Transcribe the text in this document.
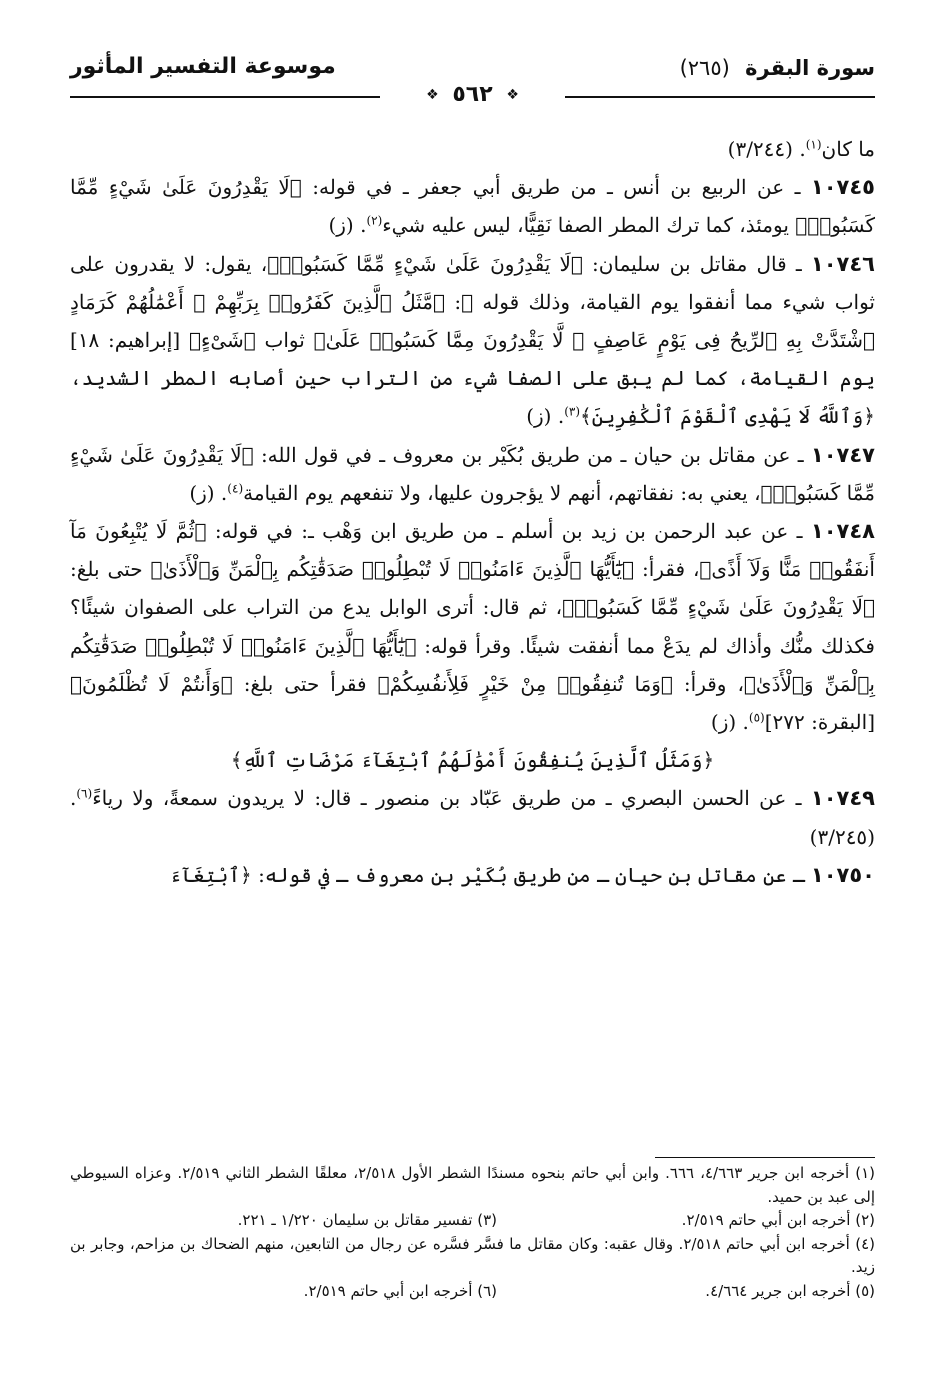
سورة البقرة (٢٦٥)
موسوعة التفسير المأثور
❖ ٥٦٢ ❖

ما كان$^{(١)}$. (٣/٢٤٤)

١٠٧٤٥ ـ عن الربيع بن أنس ـ من طريق أبي جعفر ـ في قوله: ﴿لَا يَقْدِرُونَ عَلَىٰ شَيْءٍ مِّمَّا كَسَبُوا۟﴾ يومئذ، كما ترك المطر الصفا نَقِيًّا، ليس عليه شيء$^{(٢)}$. (ز)

١٠٧٤٦ ـ قال مقاتل بن سليمان: ﴿لَا يَقْدِرُونَ عَلَىٰ شَيْءٍ مِّمَّا كَسَبُوا۟﴾، يقول: لا يقدرون على ثواب شيء مما أنفقوا يوم القيامة، وذلك قوله ﷻ: ﴿مَّثَلُ ٱلَّذِينَ كَفَرُوا۟ بِرَبِّهِمْ ۖ أَعْمَٰلُهُمْ كَرَمَادٍ ٱشْتَدَّتْ بِهِ ٱلرِّيحُ فِى يَوْمٍ عَاصِفٍ ۖ لَّا يَقْدِرُونَ مِمَّا كَسَبُوا۟ عَلَىٰ﴾ ثواب ﴿شَىْءٍ﴾ [إبراهيم: ١٨] يوم القيامة، كما لم يبق على الصفا شيء من التراب حين أصابه المطر الشديد، ﴿وَٱللَّهُ لَا يَهْدِى ٱلْقَوْمَ ٱلْكَٰفِرِينَ﴾$^{(٣)}$. (ز)

١٠٧٤٧ ـ عن مقاتل بن حيان ـ من طريق بُكَيْر بن معروف ـ في قول الله: ﴿لَا يَقْدِرُونَ عَلَىٰ شَيْءٍ مِّمَّا كَسَبُوا۟﴾، يعني به: نفقاتهم، أنهم لا يؤجرون عليها، ولا تنفعهم يوم القيامة$^{(٤)}$. (ز)

١٠٧٤٨ ـ عن عبد الرحمن بن زيد بن أسلم ـ من طريق ابن وَهْب ـ: في قوله: ﴿ثُمَّ لَا يُتْبِعُونَ مَآ أَنفَقُوا۟ مَنًّا وَلَآ أَذًى﴾، فقرأ: ﴿يَٰٓأَيُّهَا ٱلَّذِينَ ءَامَنُوا۟ لَا تُبْطِلُوا۟ صَدَقَٰتِكُم بِٱلْمَنِّ وَٱلْأَذَىٰ﴾ حتى بلغ: ﴿لَا يَقْدِرُونَ عَلَىٰ شَيْءٍ مِّمَّا كَسَبُوا۟﴾، ثم قال: أترى الوابل يدع من التراب على الصفوان شيئًا؟ فكذلك منُّك وأذاك لم يدَعْ مما أنفقت شيئًا. وقرأ قوله: ﴿يَٰٓأَيُّهَا ٱلَّذِينَ ءَامَنُوا۟ لَا تُبْطِلُوا۟ صَدَقَٰتِكُم بِٱلْمَنِّ وَٱلْأَذَىٰ﴾، وقرأ: ﴿وَمَا تُنفِقُوا۟ مِنْ خَيْرٍ فَلِأَنفُسِكُمْ﴾ فقرأ حتى بلغ: ﴿وَأَنتُمْ لَا تُظْلَمُونَ﴾ [البقرة: ٢٧٢]$^{(٥)}$. (ز)

﴿وَمَثَلُ ٱلَّذِينَ يُنفِقُونَ أَمْوَٰلَهُمُ ٱبْتِغَآءَ مَرْضَاتِ ٱللَّهِ﴾

١٠٧٤٩ ـ عن الحسن البصري ـ من طريق عَبّاد بن منصور ـ قال: لا يريدون سمعةً، ولا رياءً$^{(٦)}$. (٣/٢٤٥)

١٠٧٥٠ ـ عن مقاتل بن حيان ـ من طريق بُكَيْر بن معروف ـ في قوله: ﴿ٱبْتِغَآءَ

(١) أخرجه ابن جرير ٤/٦٦٣، ٦٦٦. وابن أبي حاتم بنحوه مسندًا الشطر الأول ٢/٥١٨، معلقًا الشطر الثاني ٢/٥١٩. وعزاه السيوطي إلى عبد بن حميد.

(٢) أخرجه ابن أبي حاتم ٢/٥١٩.
(٣) تفسير مقاتل بن سليمان ١/٢٢٠ ـ ٢٢١.

(٤) أخرجه ابن أبي حاتم ٢/٥١٨. وقال عقبه: وكان مقاتل ما فسَّر فسَّره عن رجال من التابعين، منهم الضحاك بن مزاحم، وجابر بن زيد.

(٥) أخرجه ابن جرير ٤/٦٦٤.
(٦) أخرجه ابن أبي حاتم ٢/٥١٩.
